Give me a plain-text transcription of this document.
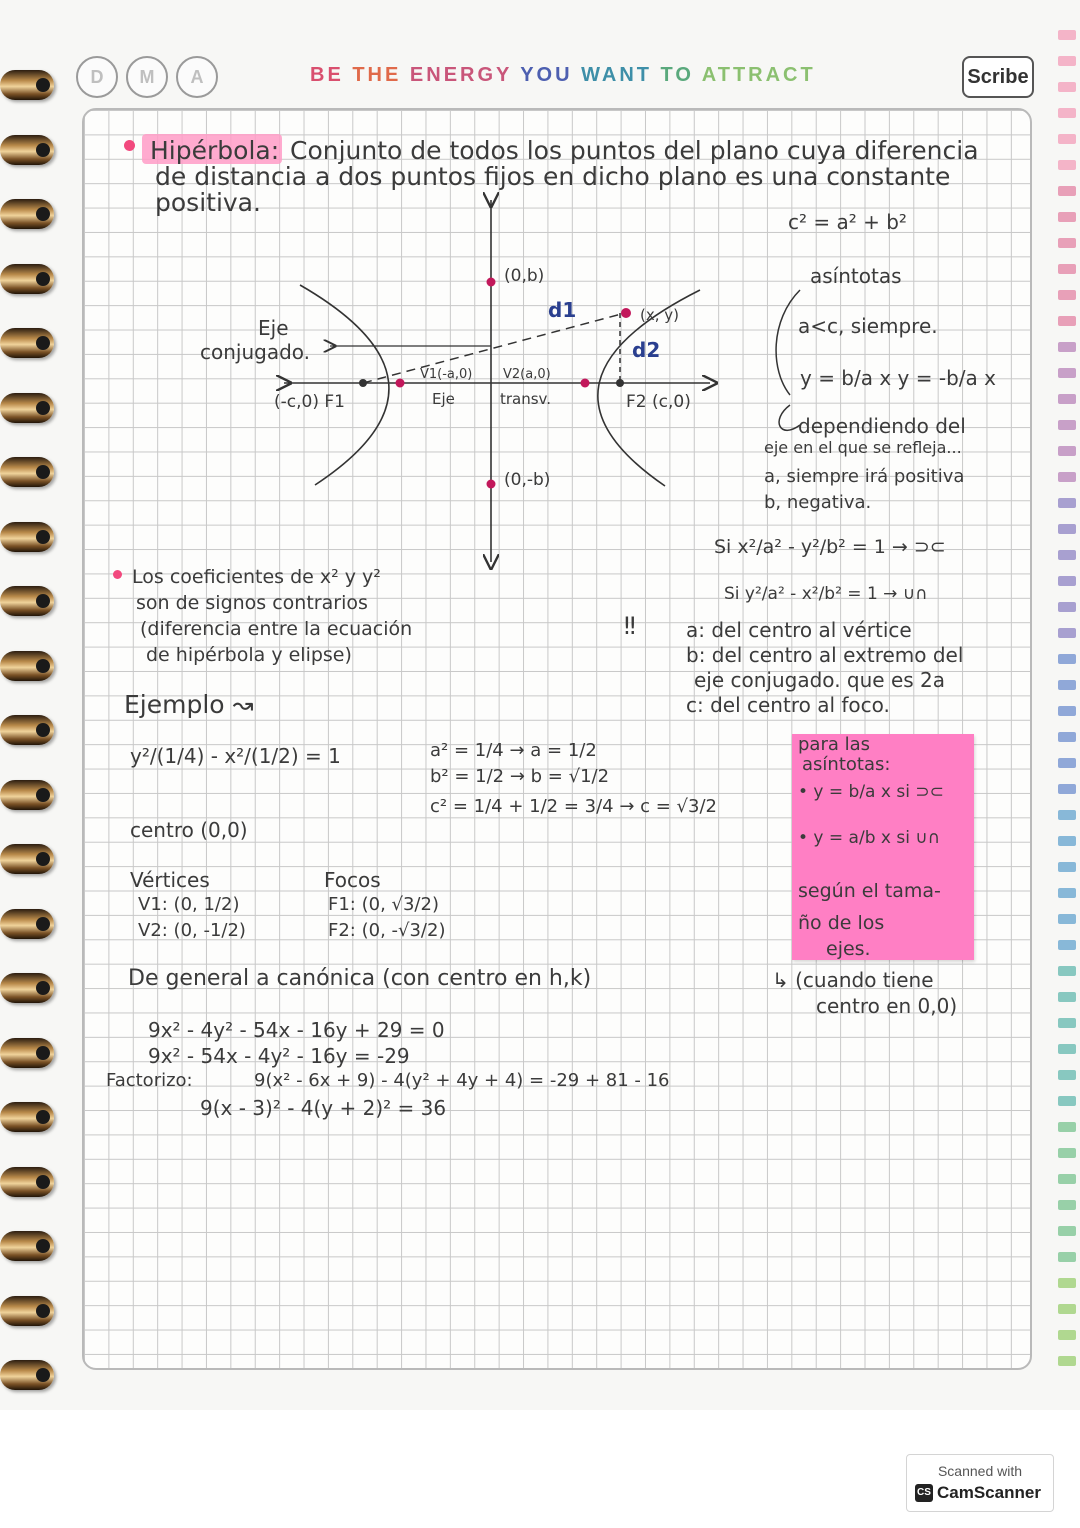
D	M	A	BE THE ENERGY YOU WANT TO ATTRACT	Scribe
Hipérbola: Conjunto de todos los puntos del plano cuya diferencia
de distancia a dos puntos fijos en dicho plano es una constante
positiva.
Eje
conjugado.
(-c,0) F1
V1(-a,0) V2(a,0)
Eje	transv.	F2 (c,0)
(0,b)
(0,-b)
d1
d2
(x, y)
c² = a² + b²
asíntotas
a<c, siempre.
y = b/a x y = -b/a x
dependiendo del
eje en el que se refleja...
a, siempre irá positiva
b, negativa.
Si x²/a² - y²/b² = 1 → ⊃⊂
Si y²/a² - x²/b² = 1 → ∪∩
‼	a: del centro al vértice
b: del centro al extremo del
eje conjugado. que es 2a
c: del centro al foco.
Los coeficientes de x² y y²
son de signos contrarios
(diferencia entre la ecuación
de hipérbola y elipse)
Ejemplo ↝
y²/(1/4) - x²/(1/2) = 1
centro (0,0)
a² = 1/4 → a = 1/2
b² = 1/2 → b = √1/2
c² = 1/4 + 1/2 = 3/4 → c = √3/2
Vértices
V1: (0, 1/2)
V2: (0, -1/2)
Focos
F1: (0, √3/2)
F2: (0, -√3/2)
para las
asíntotas:
• y = b/a x si ⊃⊂
• y = a/b x si ∪∩
según el tama-
ño de los
ejes.
↳ (cuando tiene
centro en 0,0)
De general a canónica (con centro en h,k)
9x² - 4y² - 54x - 16y + 29 = 0
9x² - 54x - 4y² - 16y = -29
Factorizo:	9(x² - 6x + 9) - 4(y² + 4y + 4) = -29 + 81 - 16
9(x - 3)² - 4(y + 2)² = 36
Scanned with
CS CamScanner
